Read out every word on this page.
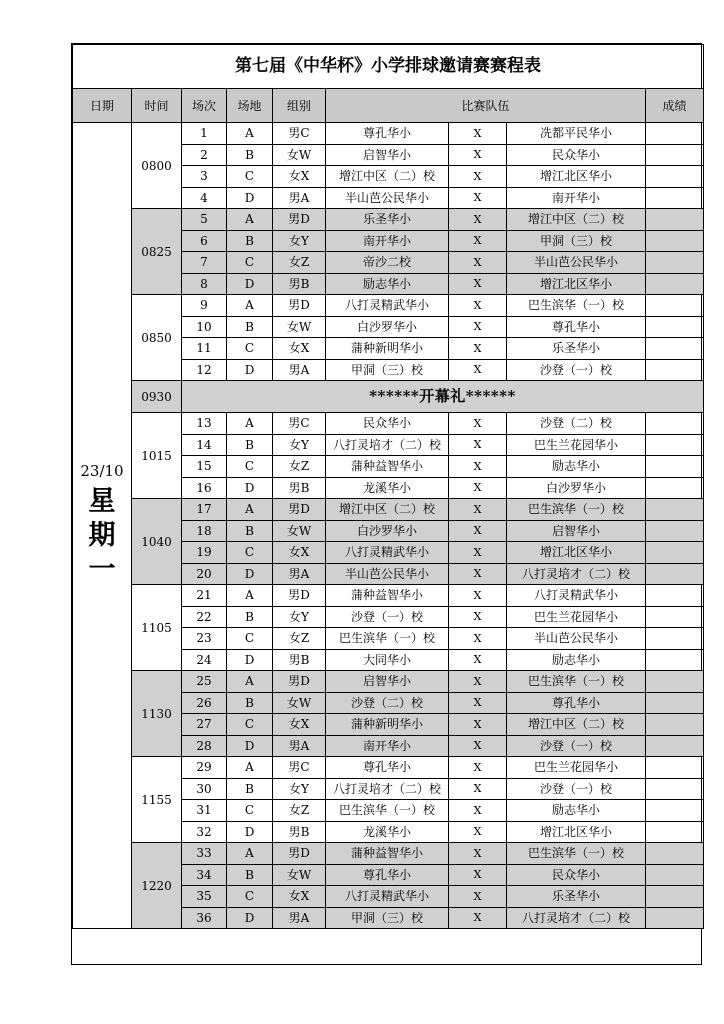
第七届《中华杯》小学排球邀请赛赛程表								
日期	时间	场次	场地	组别	比赛队伍			成绩

23/10
星
期
一	0800	1	A	男C	尊孔华小	X	冼都平民华小	
		2	B	女W	启智华小	X	民众华小	
		3	C	女X	增江中区（二）校	X	增江北区华小	
		4	D	男A	半山芭公民华小	X	南开华小	
	0825	5	A	男D	乐圣华小	X	增江中区（二）校	
		6	B	女Y	南开华小	X	甲洞（三）校	
		7	C	女Z	帝沙二校	X	半山芭公民华小	
		8	D	男B	励志华小	X	增江北区华小	
	0850	9	A	男D	八打灵精武华小	X	巴生滨华（一）校	
		10	B	女W	白沙罗华小	X	尊孔华小	
		11	C	女X	蒲种新明华小	X	乐圣华小	
		12	D	男A	甲洞（三）校	X	沙登（一）校	
	0930	******开幕礼******						
	1015	13	A	男C	民众华小	X	沙登（二）校	
		14	B	女Y	八打灵培才（二）校	X	巴生兰花园华小	
		15	C	女Z	蒲种益智华小	X	励志华小	
		16	D	男B	龙溪华小	X	白沙罗华小	
	1040	17	A	男D	增江中区（二）校	X	巴生滨华（一）校	
		18	B	女W	白沙罗华小	X	启智华小	
		19	C	女X	八打灵精武华小	X	增江北区华小	
		20	D	男A	半山芭公民华小	X	八打灵培才（二）校	
	1105	21	A	男D	蒲种益智华小	X	八打灵精武华小	
		22	B	女Y	沙登（一）校	X	巴生兰花园华小	
		23	C	女Z	巴生滨华（一）校	X	半山芭公民华小	
		24	D	男B	大同华小	X	励志华小	
	1130	25	A	男D	启智华小	X	巴生滨华（一）校	
		26	B	女W	沙登（二）校	X	尊孔华小	
		27	C	女X	蒲种新明华小	X	增江中区（二）校	
		28	D	男A	南开华小	X	沙登（一）校	
	1155	29	A	男C	尊孔华小	X	巴生兰花园华小	
		30	B	女Y	八打灵培才（二）校	X	沙登（一）校	
		31	C	女Z	巴生滨华（一）校	X	励志华小	
		32	D	男B	龙溪华小	X	增江北区华小	
	1220	33	A	男D	蒲种益智华小	X	巴生滨华（一）校	
		34	B	女W	尊孔华小	X	民众华小	
		35	C	女X	八打灵精武华小	X	乐圣华小	
		36	D	男A	甲洞（三）校	X	八打灵培才（二）校	
